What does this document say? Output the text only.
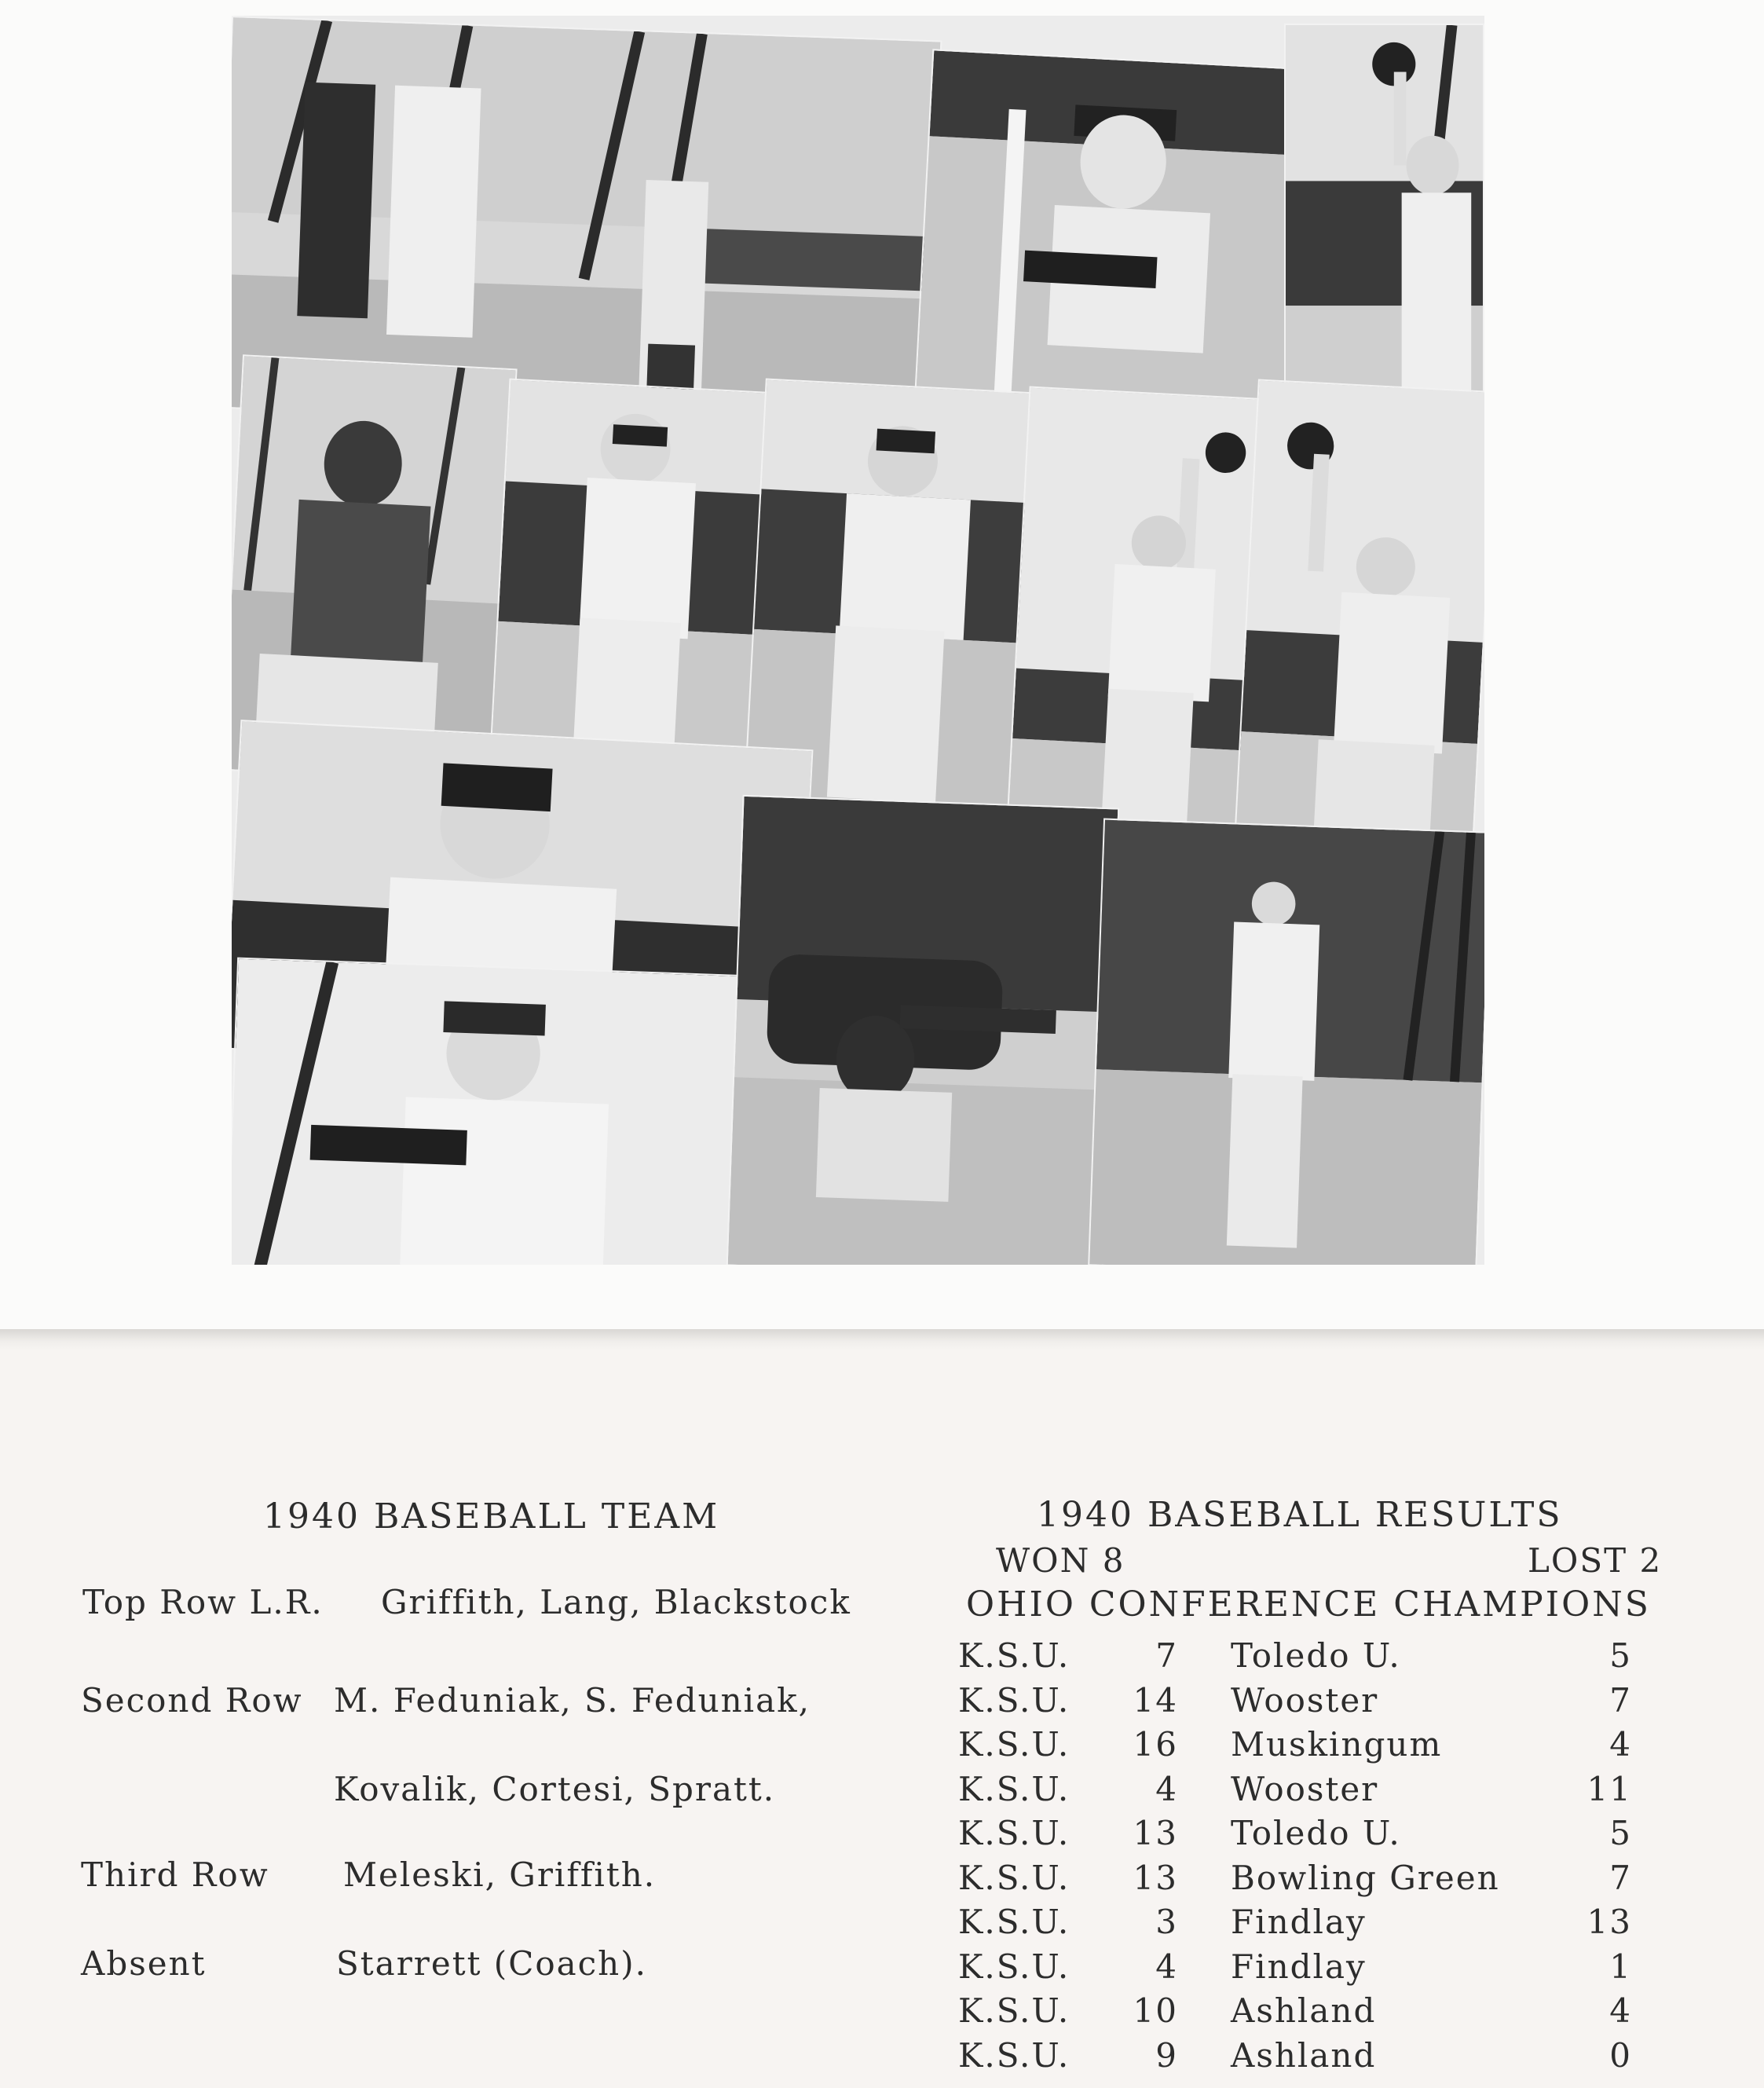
1940 BASEBALL TEAM
Top Row L.R. Griffith, Lang, Blackstock
Second Row M. Feduniak, S. Feduniak,
Kovalik, Cortesi, Spratt.
Third Row Meleski, Griffith.
Absent	Starrett (Coach).
1940 BASEBALL RESULTS
WON 8	LOST 2
OHIO CONFERENCE CHAMPIONS
K.S.U.	7 Toledo U.	5
K.S.U. 14 Wooster	7
K.S.U. 16 Muskingum	4
K.S.U.	4 Wooster	11
K.S.U. 13 Toledo U.	5
K.S.U. 13 Bowling Green	7
K.S.U.	3 Findlay	13
K.S.U.	4 Findlay	1
K.S.U. 10 Ashland	4
K.S.U.	9 Ashland	0
